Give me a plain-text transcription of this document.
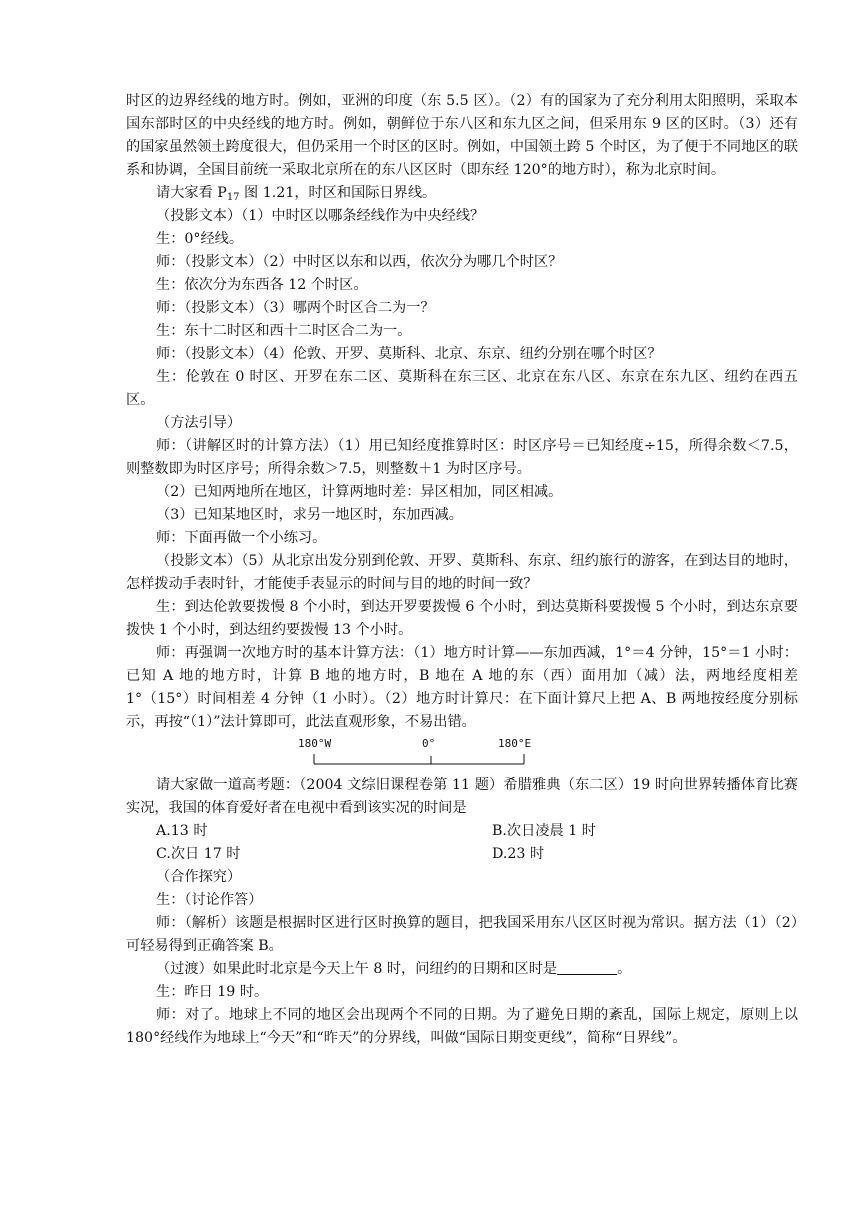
时区的边界经线的地方时。例如，亚洲的印度（东 5.5 区）。（2）有的国家为了充分利用太阳照明，采取本国东部时区的中央经线的地方时。例如，朝鲜位于东八区和东九区之间，但采用东 9 区的区时。（3）还有的国家虽然领土跨度很大，但仍采用一个时区的区时。例如，中国领土跨 5 个时区，为了便于不同地区的联系和协调，全国目前统一采取北京所在的东八区区时（即东经 120°的地方时），称为北京时间。

请大家看 $P_{17}$ 图 1.21，时区和国际日界线。

（投影文本）（1）中时区以哪条经线作为中央经线？

生：0°经线。

师：（投影文本）（2）中时区以东和以西，依次分为哪几个时区？

生：依次分为东西各 12 个时区。

师：（投影文本）（3）哪两个时区合二为一？

生：东十二时区和西十二时区合二为一。

师：（投影文本）（4）伦敦、开罗、莫斯科、北京、东京、纽约分别在哪个时区？

生：伦敦在 0 时区、开罗在东二区、莫斯科在东三区、北京在东八区、东京在东九区、纽约在西五区。

（方法引导）

师：（讲解区时的计算方法）（1）用已知经度推算时区：时区序号＝已知经度÷15，所得余数＜7.5，则整数即为时区序号；所得余数＞7.5，则整数＋1 为时区序号。

（2）已知两地所在地区，计算两地时差：异区相加，同区相减。

（3）已知某地区时，求另一地区时，东加西减。

师：下面再做一个小练习。

（投影文本）（5）从北京出发分别到伦敦、开罗、莫斯科、东京、纽约旅行的游客，在到达目的地时，怎样拨动手表时针，才能使手表显示的时间与目的地的时间一致？

生：到达伦敦要拨慢 8 个小时，到达开罗要拨慢 6 个小时，到达莫斯科要拨慢 5 个小时，到达东京要拨快 1 个小时，到达纽约要拨慢 13 个小时。

师：再强调一次地方时的基本计算方法：（1）地方时计算——东加西减，1°＝4 分钟，15°＝1 小时：已知 A 地的地方时，计算 B 地的地方时，B 地在 A 地的东（西）面用加（减）法，两地经度相差 1°（15°）时间相差 4 分钟（1 小时）。（2）地方时计算尺：在下面计算尺上把 A、B 两地按经度分别标示，再按“（1）”法计算即可，此法直观形象，不易出错。

180°W	0°	180°E

请大家做一道高考题：（2004 文综旧课程卷第 11 题）希腊雅典（东二区）19 时向世界转播体育比赛实况，我国的体育爱好者在电视中看到该实况的时间是

A.13 时	B.次日凌晨 1 时

C.次日 17 时	D.23 时

（合作探究）

生：（讨论作答）

师：（解析）该题是根据时区进行区时换算的题目，把我国采用东八区区时视为常识。据方法（1）（2）可轻易得到正确答案 B。

（过渡）如果此时北京是今天上午 8 时，问纽约的日期和区时是	。

生：昨日 19 时。

师：对了。地球上不同的地区会出现两个不同的日期。为了避免日期的紊乱，国际上规定，原则上以 180°经线作为地球上“今天”和“昨天”的分界线，叫做“国际日期变更线”，简称“日界线”。
